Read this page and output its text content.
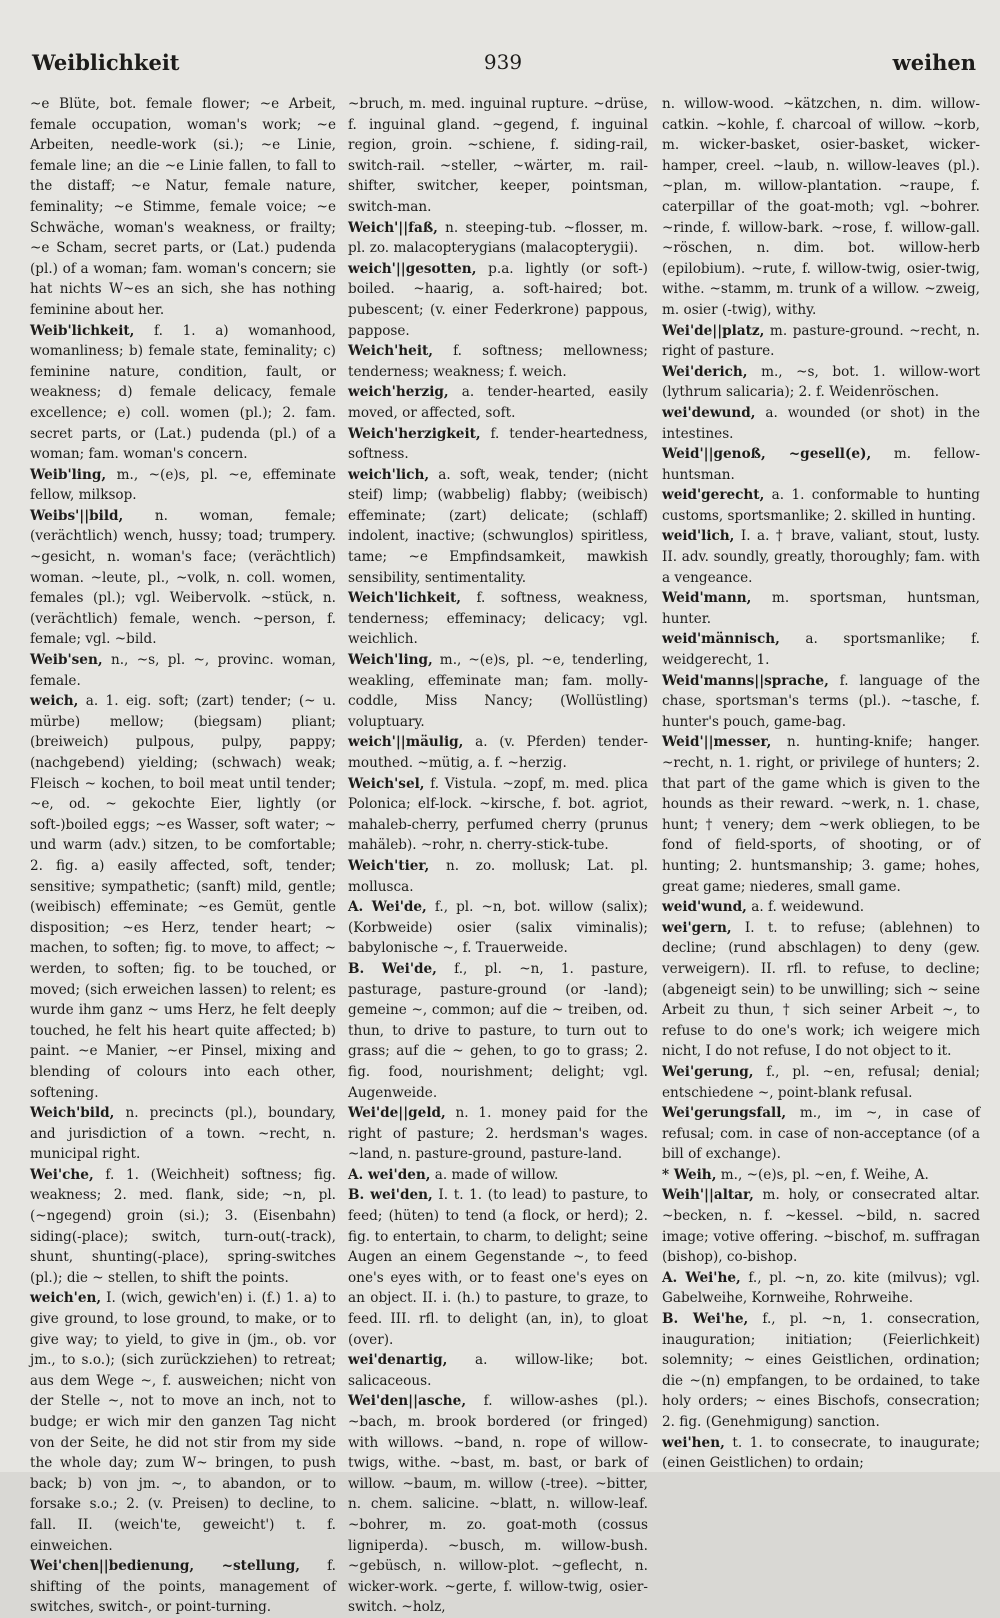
Weiblichkeit	939	weihen

~e Blüte, bot. female flower; ~e Arbeit, female occupation, woman's work; ~e Arbeiten, needle-work (si.); ~e Linie, female line; an die ~e Linie fallen, to fall to the distaff; ~e Natur, female nature, feminality; ~e Stimme, female voice; ~e Schwäche, woman's weakness, or frailty; ~e Scham, secret parts, or (Lat.) pudenda (pl.) of a woman; fam. woman's concern; sie hat nichts W~es an sich, she has nothing feminine about her.

Weib'lichkeit, f. 1. a) womanhood, womanliness; b) female state, feminality; c) feminine nature, condition, fault, or weakness; d) female delicacy, female excellence; e) coll. women (pl.); 2. fam. secret parts, or (Lat.) pudenda (pl.) of a woman; fam. woman's concern.

Weib'ling, m., ~(e)s, pl. ~e, effeminate fellow, milksop.

Weibs'||bild, n. woman, female; (verächtlich) wench, hussy; toad; trumpery. ~gesicht, n. woman's face; (verächtlich) woman. ~leute, pl., ~volk, n. coll. women, females (pl.); vgl. Weibervolk. ~stück, n. (verächtlich) female, wench. ~person, f. female; vgl. ~bild.

Weib'sen, n., ~s, pl. ~, provinc. woman, female.

weich, a. 1. eig. soft; (zart) tender; (~ u. mürbe) mellow; (biegsam) pliant; (breiweich) pulpous, pulpy, pappy; (nachgebend) yielding; (schwach) weak; Fleisch ~ kochen, to boil meat until tender; ~e, od. ~ gekochte Eier, lightly (or soft-)boiled eggs; ~es Wasser, soft water; ~ und warm (adv.) sitzen, to be comfortable; 2. fig. a) easily affected, soft, tender; sensitive; sympathetic; (sanft) mild, gentle; (weibisch) effeminate; ~es Gemüt, gentle disposition; ~es Herz, tender heart; ~ machen, to soften; fig. to move, to affect; ~ werden, to soften; fig. to be touched, or moved; (sich erweichen lassen) to relent; es wurde ihm ganz ~ ums Herz, he felt deeply touched, he felt his heart quite affected; b) paint. ~e Manier, ~er Pinsel, mixing and blending of colours into each other, softening.

Weich'bild, n. precincts (pl.), boundary, and jurisdiction of a town. ~recht, n. municipal right.

Wei'che, f. 1. (Weichheit) softness; fig. weakness; 2. med. flank, side; ~n, pl. (~ngegend) groin (si.); 3. (Eisenbahn) siding(-place); switch, turn-out(-track), shunt, shunting(-place), spring-switches (pl.); die ~ stellen, to shift the points.

weich'en, I. (wich, gewich'en) i. (f.) 1. a) to give ground, to lose ground, to make, or to give way; to yield, to give in (jm., ob. vor jm., to s.o.); (sich zurückziehen) to retreat; aus dem Wege ~, f. ausweichen; nicht von der Stelle ~, not to move an inch, not to budge; er wich mir den ganzen Tag nicht von der Seite, he did not stir from my side the whole day; zum W~ bringen, to push back; b) von jm. ~, to abandon, or to forsake s.o.; 2. (v. Preisen) to decline, to fall. II. (weich'te, geweicht') t. f. einweichen.

Wei'chen||bedienung, ~stellung, f. shifting of the points, management of switches, switch-, or point-turning.

~bruch, m. med. inguinal rupture. ~drüse, f. inguinal gland. ~gegend, f. inguinal region, groin. ~schiene, f. siding-rail, switch-rail. ~steller, ~wärter, m. rail-shifter, switcher, keeper, pointsman, switch-man.

Weich'||faß, n. steeping-tub. ~flosser, m. pl. zo. malacopterygians (malacopterygii).

weich'||gesotten, p.a. lightly (or soft-) boiled. ~haarig, a. soft-haired; bot. pubescent; (v. einer Federkrone) pappous, pappose.

Weich'heit, f. softness; mellowness; tenderness; weakness; f. weich.

weich'herzig, a. tender-hearted, easily moved, or affected, soft.

Weich'herzigkeit, f. tender-heartedness, softness.

weich'lich, a. soft, weak, tender; (nicht steif) limp; (wabbelig) flabby; (weibisch) effeminate; (zart) delicate; (schlaff) indolent, inactive; (schwunglos) spiritless, tame; ~e Empfindsamkeit, mawkish sensibility, sentimentality.

Weich'lichkeit, f. softness, weakness, tenderness; effeminacy; delicacy; vgl. weichlich.

Weich'ling, m., ~(e)s, pl. ~e, tenderling, weakling, effeminate man; fam. molly-coddle, Miss Nancy; (Wollüstling) voluptuary.

weich'||mäulig, a. (v. Pferden) tender-mouthed. ~mütig, a. f. ~herzig.

Weich'sel, f. Vistula. ~zopf, m. med. plica Polonica; elf-lock. ~kirsche, f. bot. agriot, mahaleb-cherry, perfumed cherry (prunus mahäleb). ~rohr, n. cherry-stick-tube.

Weich'tier, n. zo. mollusk; Lat. pl. mollusca.

A. Wei'de, f., pl. ~n, bot. willow (salix); (Korbweide) osier (salix viminalis); babylonische ~, f. Trauerweide.

B. Wei'de, f., pl. ~n, 1. pasture, pasturage, pasture-ground (or -land); gemeine ~, common; auf die ~ treiben, od. thun, to drive to pasture, to turn out to grass; auf die ~ gehen, to go to grass; 2. fig. food, nourishment; delight; vgl. Augenweide.

Wei'de||geld, n. 1. money paid for the right of pasture; 2. herdsman's wages. ~land, n. pasture-ground, pasture-land.

A. wei'den, a. made of willow.

B. wei'den, I. t. 1. (to lead) to pasture, to feed; (hüten) to tend (a flock, or herd); 2. fig. to entertain, to charm, to delight; seine Augen an einem Gegenstande ~, to feed one's eyes with, or to feast one's eyes on an object. II. i. (h.) to pasture, to graze, to feed. III. rfl. to delight (an, in), to gloat (over).

wei'denartig, a. willow-like; bot. salicaceous.

Wei'den||asche, f. willow-ashes (pl.). ~bach, m. brook bordered (or fringed) with willows. ~band, n. rope of willow-twigs, withe. ~bast, m. bast, or bark of willow. ~baum, m. willow (-tree). ~bitter, n. chem. salicine. ~blatt, n. willow-leaf. ~bohrer, m. zo. goat-moth (cossus ligniperda). ~busch, m. willow-bush. ~gebüsch, n. willow-plot. ~geflecht, n. wicker-work. ~gerte, f. willow-twig, osier-switch. ~holz,

n. willow-wood. ~kätzchen, n. dim. willow-catkin. ~kohle, f. charcoal of willow. ~korb, m. wicker-basket, osier-basket, wicker-hamper, creel. ~laub, n. willow-leaves (pl.). ~plan, m. willow-plantation. ~raupe, f. caterpillar of the goat-moth; vgl. ~bohrer. ~rinde, f. willow-bark. ~rose, f. willow-gall. ~röschen, n. dim. bot. willow-herb (epilobium). ~rute, f. willow-twig, osier-twig, withe. ~stamm, m. trunk of a willow. ~zweig, m. osier (-twig), withy.

Wei'de||platz, m. pasture-ground. ~recht, n. right of pasture.

Wei'derich, m., ~s, bot. 1. willow-wort (lythrum salicaria); 2. f. Weidenröschen.

wei'dewund, a. wounded (or shot) in the intestines.

Weid'||genoß, ~gesell(e), m. fellow-huntsman.

weid'gerecht, a. 1. conformable to hunting customs, sportsmanlike; 2. skilled in hunting.

weid'lich, I. a. † brave, valiant, stout, lusty. II. adv. soundly, greatly, thoroughly; fam. with a vengeance.

Weid'mann, m. sportsman, huntsman, hunter.

weid'männisch, a. sportsmanlike; f. weidgerecht, 1.

Weid'manns||sprache, f. language of the chase, sportsman's terms (pl.). ~tasche, f. hunter's pouch, game-bag.

Weid'||messer, n. hunting-knife; hanger. ~recht, n. 1. right, or privilege of hunters; 2. that part of the game which is given to the hounds as their reward. ~werk, n. 1. chase, hunt; † venery; dem ~werk obliegen, to be fond of field-sports, of shooting, or of hunting; 2. huntsmanship; 3. game; hohes, great game; niederes, small game.

weid'wund, a. f. weidewund.

wei'gern, I. t. to refuse; (ablehnen) to decline; (rund abschlagen) to deny (gew. verweigern). II. rfl. to refuse, to decline; (abgeneigt sein) to be unwilling; sich ~ seine Arbeit zu thun, † sich seiner Arbeit ~, to refuse to do one's work; ich weigere mich nicht, I do not refuse, I do not object to it.

Wei'gerung, f., pl. ~en, refusal; denial; entschiedene ~, point-blank refusal.

Wei'gerungsfall, m., im ~, in case of refusal; com. in case of non-acceptance (of a bill of exchange).

* Weih, m., ~(e)s, pl. ~en, f. Weihe, A.

Weih'||altar, m. holy, or consecrated altar. ~becken, n. f. ~kessel. ~bild, n. sacred image; votive offering. ~bischof, m. suffragan (bishop), co-bishop.

A. Wei'he, f., pl. ~n, zo. kite (milvus); vgl. Gabelweihe, Kornweihe, Rohrweihe.

B. Wei'he, f., pl. ~n, 1. consecration, inauguration; initiation; (Feierlichkeit) solemnity; ~ eines Geistlichen, ordination; die ~(n) empfangen, to be ordained, to take holy orders; ~ eines Bischofs, consecration; 2. fig. (Genehmigung) sanction.

wei'hen, t. 1. to consecrate, to inaugurate; (einen Geistlichen) to ordain;
